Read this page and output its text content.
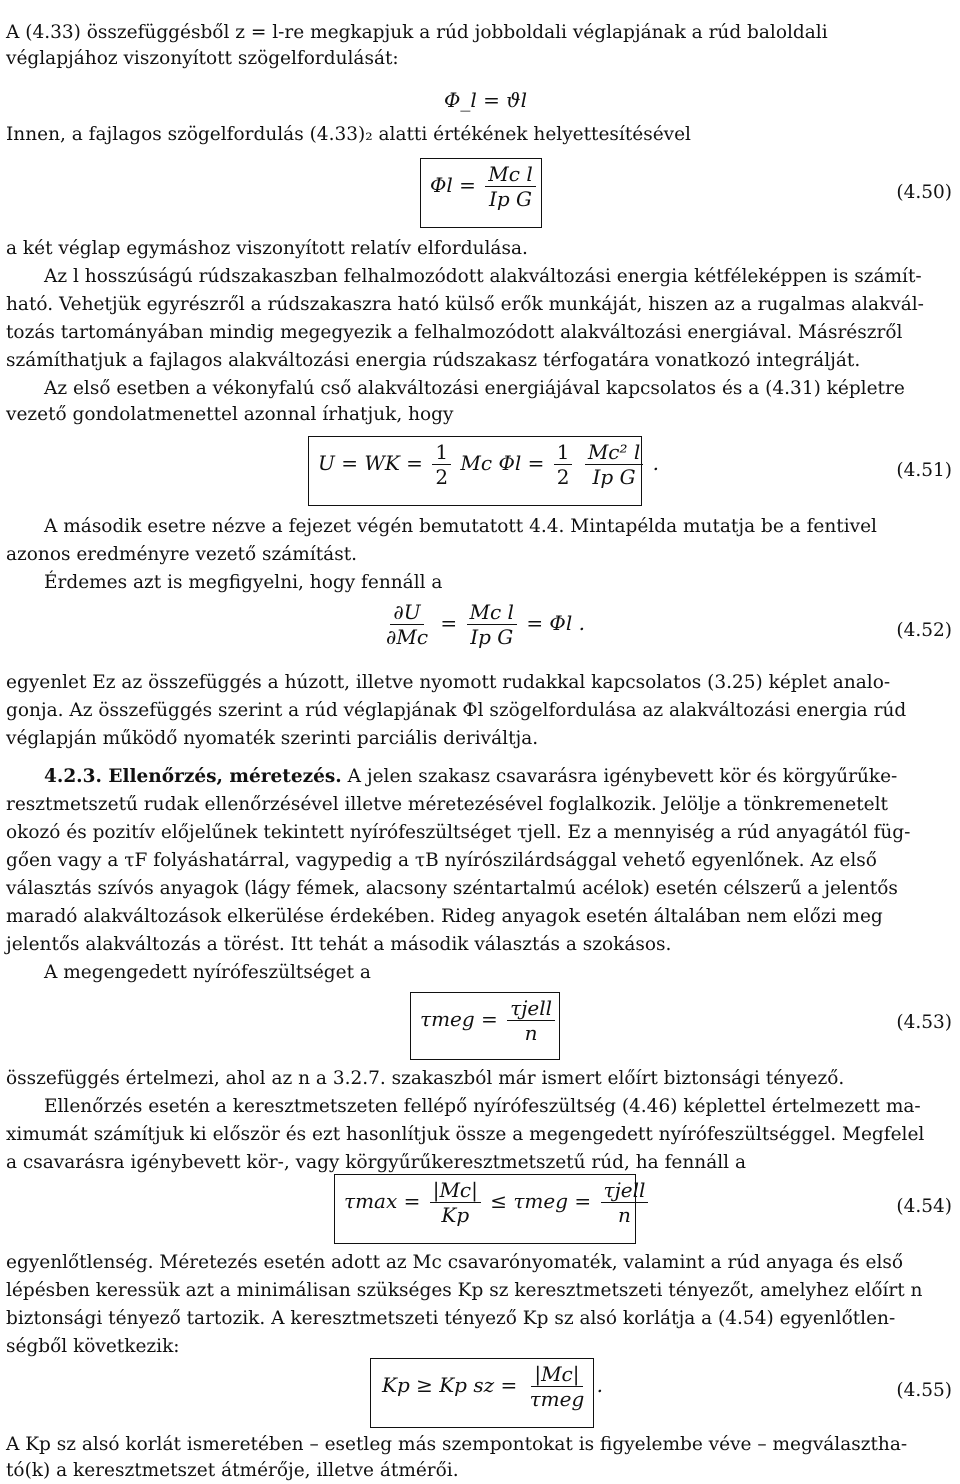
A (4.33) összefüggésből z = l-re megkapjuk a rúd jobboldali véglapjának a rúd baloldali
véglapjához viszonyított szögelfordulását:
Φ_l = ϑl
Innen, a fajlagos szögelfordulás (4.33)₂ alatti értékének helyettesítésével
$\Phi l = \frac{\text{Mc l}}{\text{Ip G}}$	(4.50)
a két véglap egymáshoz viszonyított relatív elfordulása.
Az l hosszúságú rúdszakaszban felhalmozódott alakváltozási energia kétféleképpen is számít-
ható. Vehetjük egyrészről a rúdszakaszra ható külső erők munkáját, hiszen az a rugalmas alakvál-
tozás tartományában mindig megegyezik a felhalmozódott alakváltozási energiával. Másrészről
számíthatjuk a fajlagos alakváltozási energia rúdszakasz térfogatára vonatkozó integrálját.
Az első esetben a vékonyfalú cső alakváltozási energiájával kapcsolatos és a (4.31) képletre
vezető gondolatmenettel azonnal írhatjuk, hogy
U = WK = $\frac{1}{2}$ Mc $\Phi l = \frac{1}{2}$
$\frac{\text{Mc² l}}{\text{Ip G}}$ .	(4.51)
A második esetre nézve a fejezet végén bemutatott 4.4. Mintapélda mutatja be a fentivel
azonos eredményre vezető számítást.
Érdemes azt is megfigyelni, hogy fennáll a
$\frac{\partial U}{\partial Mc} = \frac{\text{Mc l}}{\text{Ip G}} = \Phi l$ .	(4.52)
egyenlet Ez az összefüggés a húzott, illetve nyomott rudakkal kapcsolatos (3.25) képlet analo-
gonja. Az összefüggés szerint a rúd véglapjának Φl szögelfordulása az alakváltozási energia rúd
véglapján működő nyomaték szerinti parciális deriváltja.
4.2.3. Ellenőrzés, méretezés. A jelen szakasz csavarásra igénybevett kör és körgyűrűke-
resztmetszetű rudak ellenőrzésével illetve méretezésével foglalkozik. Jelölje a tönkremenetelt
okozó és pozitív előjelűnek tekintett nyírófeszültséget τjell. Ez a mennyiség a rúd anyagától füg-
gően vagy a τF folyáshatárral, vagypedig a τB nyírószilárdsággal vehető egyenlőnek. Az első
választás szívós anyagok (lágy fémek, alacsony széntartalmú acélok) esetén célszerű a jelentős
maradó alakváltozások elkerülése érdekében. Rideg anyagok esetén általában nem előzi meg
jelentős alakváltozás a törést. Itt tehát a második választás a szokásos.
A megengedett nyírófeszültséget a
$\tau meg = \frac{\text{τjell}}{n}$	(4.53)
összefüggés értelmezi, ahol az n a 3.2.7. szakaszból már ismert előírt biztonsági tényező.
Ellenőrzés esetén a keresztmetszeten fellépő nyírófeszültség (4.46) képlettel értelmezett ma-
ximumát számítjuk ki először és ezt hasonlítjuk össze a megengedett nyírófeszültséggel. Megfelel
a csavarásra igénybevett kör-, vagy körgyűrűkeresztmetszetű rúd, ha fennáll a
$\tau\max = \frac{|Mc|}{Kp} \le \tau meg = \frac{\text{τjell}}{n}$	(4.54)
egyenlőtlenség. Méretezés esetén adott az Mc csavarónyomaték, valamint a rúd anyaga és első
lépésben keressük azt a minimálisan szükséges Kp sz keresztmetszeti tényezőt, amelyhez előírt n
biztonsági tényező tartozik. A keresztmetszeti tényező Kp sz alsó korlátja a (4.54) egyenlőtlen-
ségből következik:
Kp ≥ Kp sz = $\frac{|Mc|}{\text{τmeg}}$ .	(4.55)
A Kp sz alsó korlát ismeretében – esetleg más szempontokat is figyelembe véve – megválasztha-
tó(k) a keresztmetszet átmérője, illetve átmérői.
